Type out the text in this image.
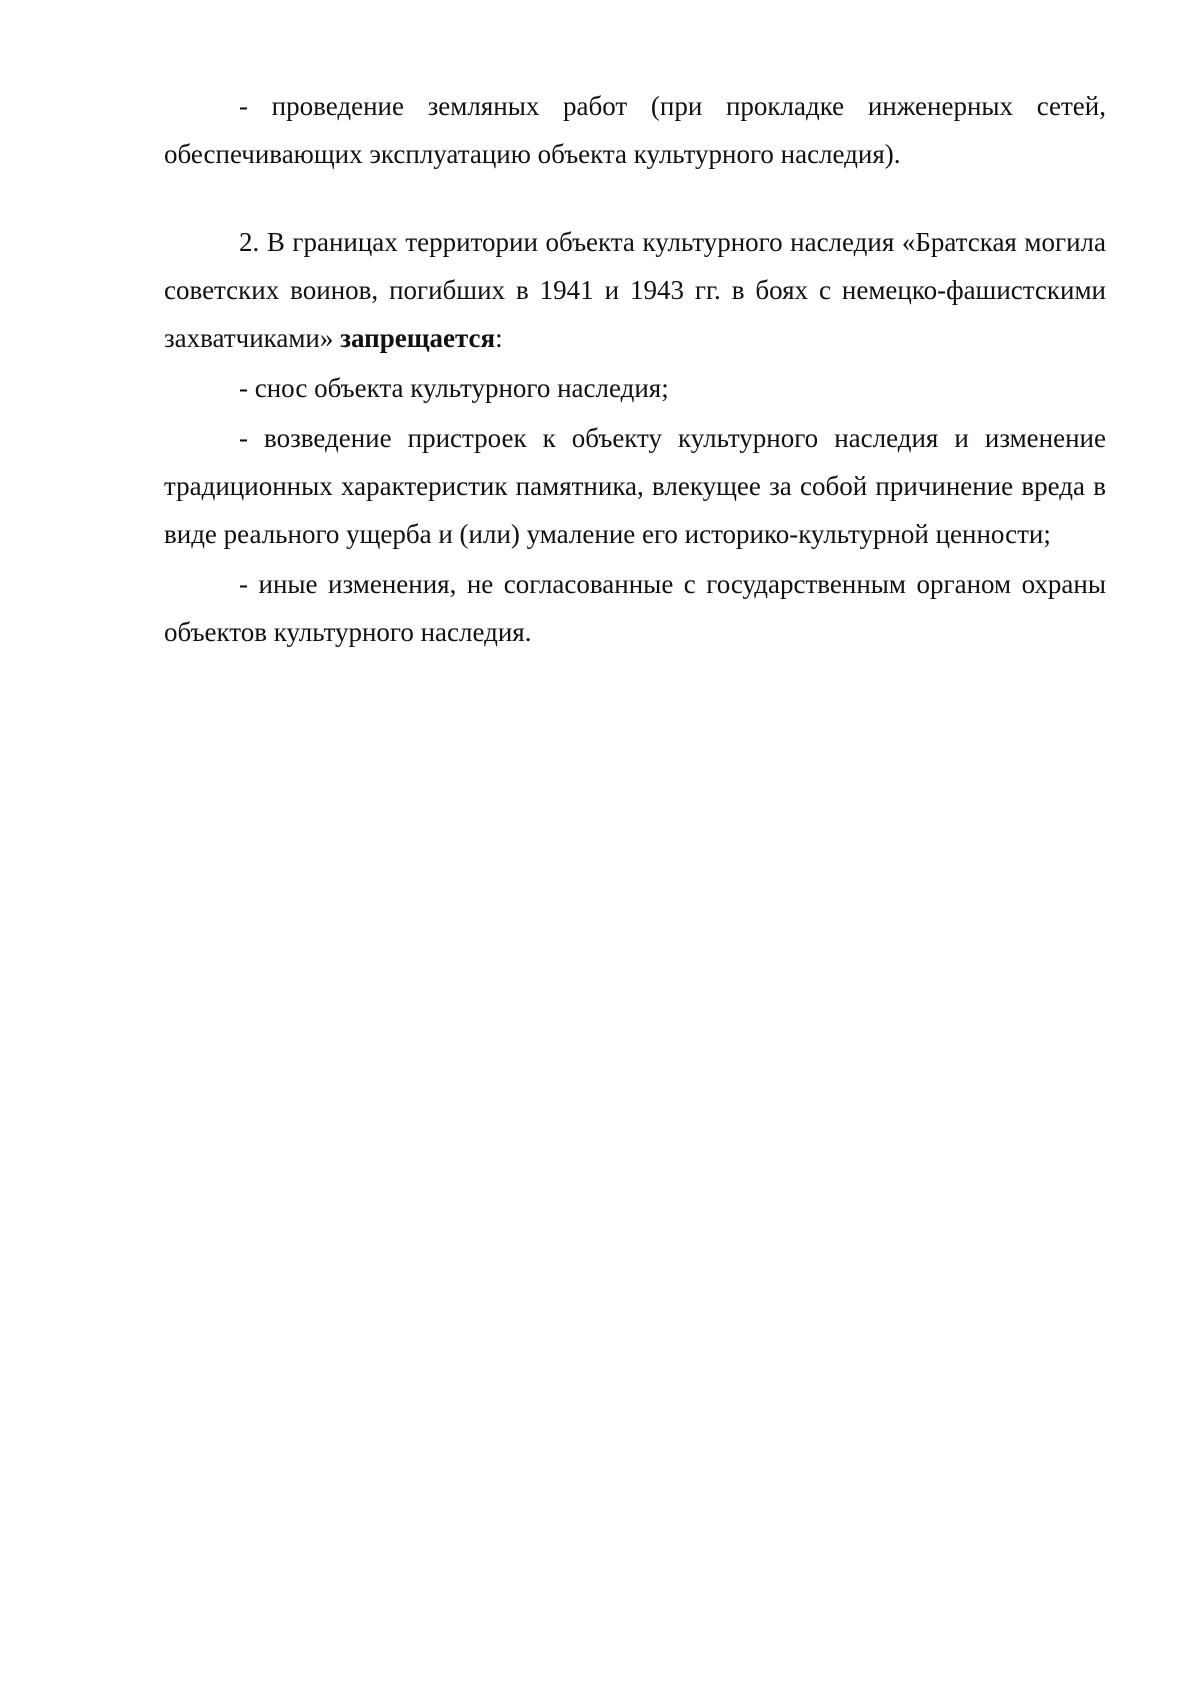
- проведение земляных работ (при прокладке инженерных сетей, обеспечивающих эксплуатацию объекта культурного наследия).

2. В границах территории объекта культурного наследия «Братская могила советских воинов, погибших в 1941 и 1943 гг. в боях с немецко-фашистскими захватчиками» запрещается:

- снос объекта культурного наследия;

- возведение пристроек к объекту культурного наследия и изменение традиционных характеристик памятника, влекущее за собой причинение вреда в виде реального ущерба и (или) умаление его историко-культурной ценности;

- иные изменения, не согласованные с государственным органом охраны объектов культурного наследия.
